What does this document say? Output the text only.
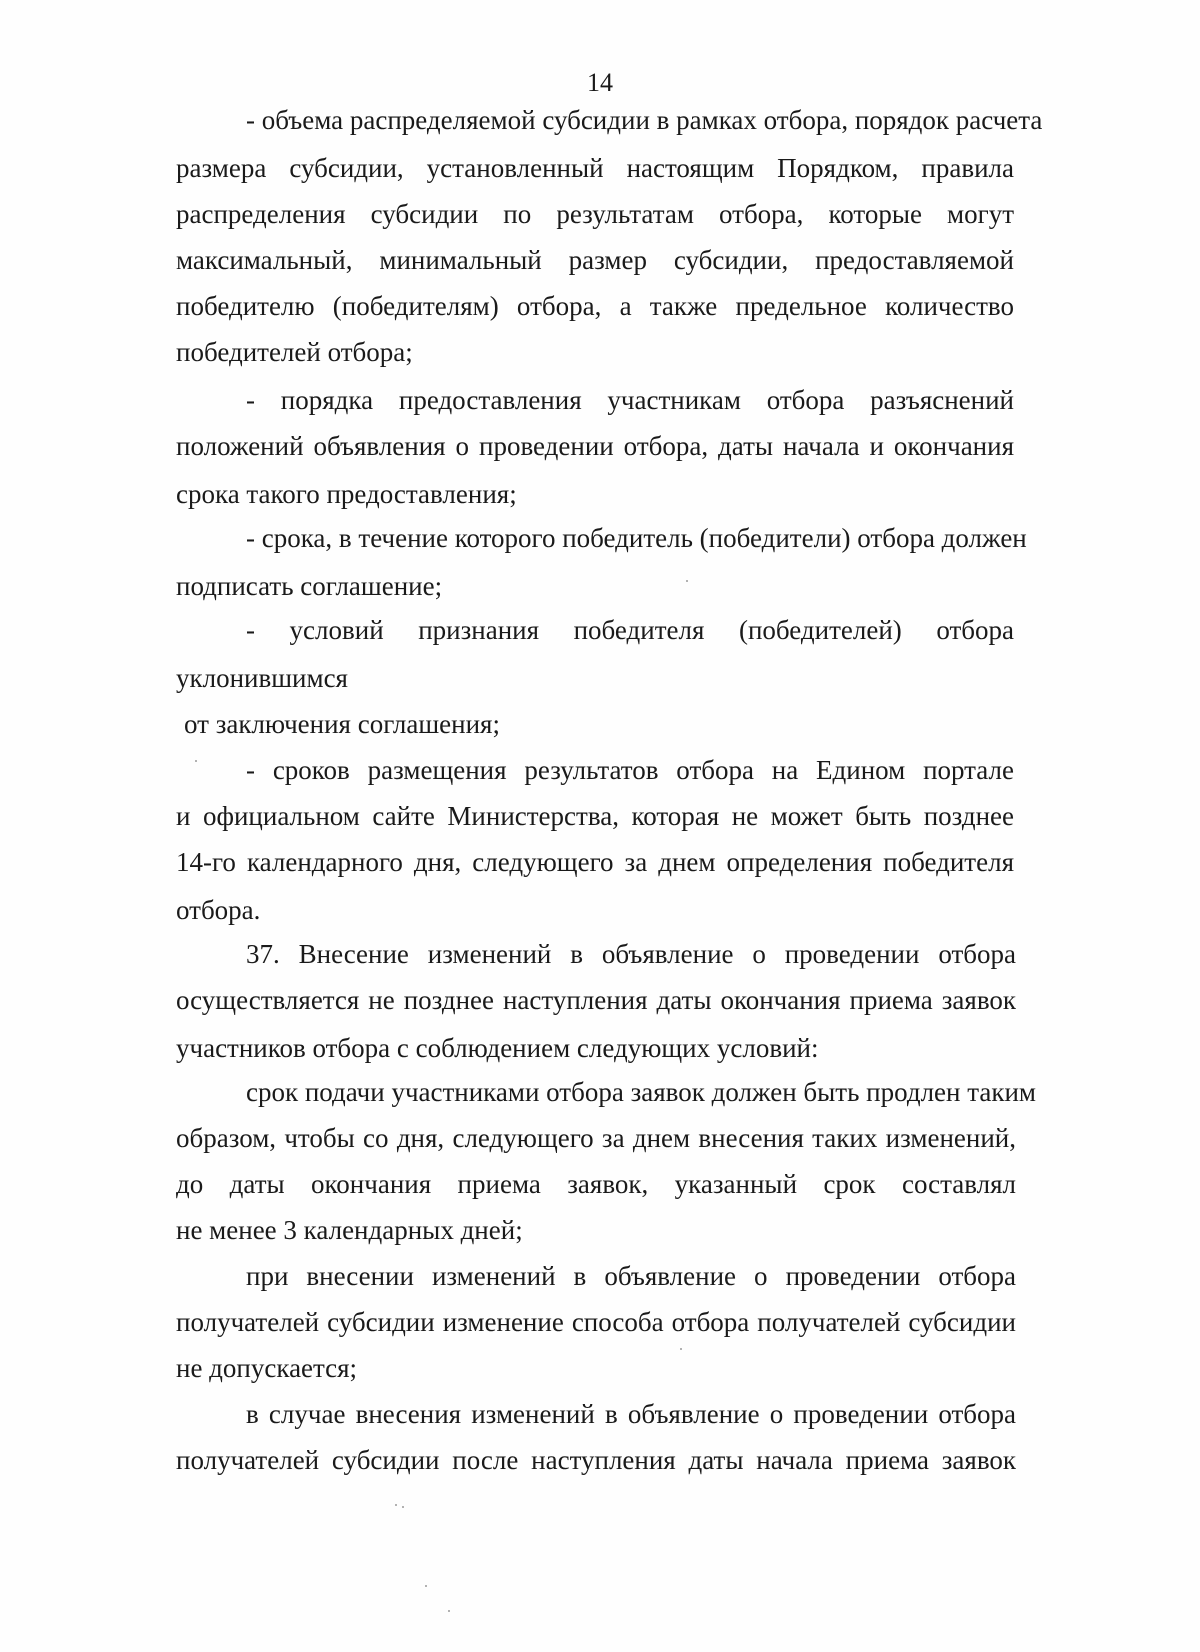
14
- объема распределяемой субсидии в рамках отбора, порядок расчета
размера субсидии, установленный настоящим Порядком, правила
распределения субсидии по результатам отбора, которые могут
максимальный, минимальный размер субсидии, предоставляемой
победителю (победителям) отбора, а также предельное количество
победителей отбора;
- порядка предоставления участникам отбора разъяснений
положений объявления о проведении отбора, даты начала и окончания
срока такого предоставления;
- срока, в течение которого победитель (победители) отбора должен
подписать соглашение;
- условий признания победителя (победителей) отбора
уклонившимся
от заключения соглашения;
- сроков размещения результатов отбора на Едином портале
и официальном сайте Министерства, которая не может быть позднее
14-го календарного дня, следующего за днем определения победителя
отбора.
37. Внесение изменений в объявление о проведении отбора
осуществляется не позднее наступления даты окончания приема заявок
участников отбора с соблюдением следующих условий:
срок подачи участниками отбора заявок должен быть продлен таким
образом, чтобы со дня, следующего за днем внесения таких изменений,
до даты окончания приема заявок, указанный срок составлял
не менее 3 календарных дней;
при внесении изменений в объявление о проведении отбора
получателей субсидии изменение способа отбора получателей субсидии
не допускается;
в случае внесения изменений в объявление о проведении отбора
получателей субсидии после наступления даты начала приема заявок
